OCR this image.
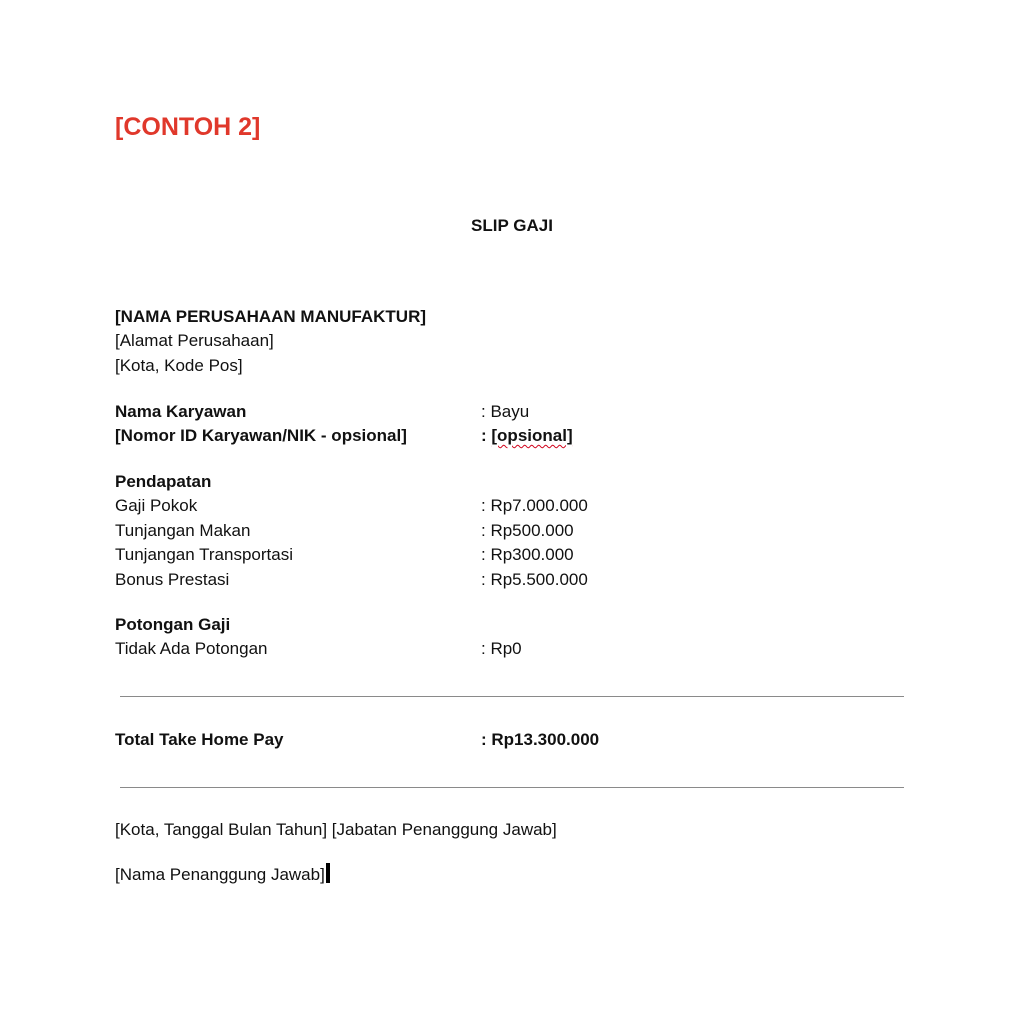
[CONTOH 2]
SLIP GAJI
[NAMA PERUSAHAAN MANUFAKTUR]
[Alamat Perusahaan]
[Kota, Kode Pos]
Nama Karyawan	: Bayu
[Nomor ID Karyawan/NIK - opsional]	: [opsional]
Pendapatan
Gaji Pokok	: Rp7.000.000
Tunjangan Makan	: Rp500.000
Tunjangan Transportasi	: Rp300.000
Bonus Prestasi	: Rp5.500.000
Potongan Gaji
Tidak Ada Potongan	: Rp0
Total Take Home Pay	: Rp13.300.000
[Kota, Tanggal Bulan Tahun] [Jabatan Penanggung Jawab]
[Nama Penanggung Jawab]
